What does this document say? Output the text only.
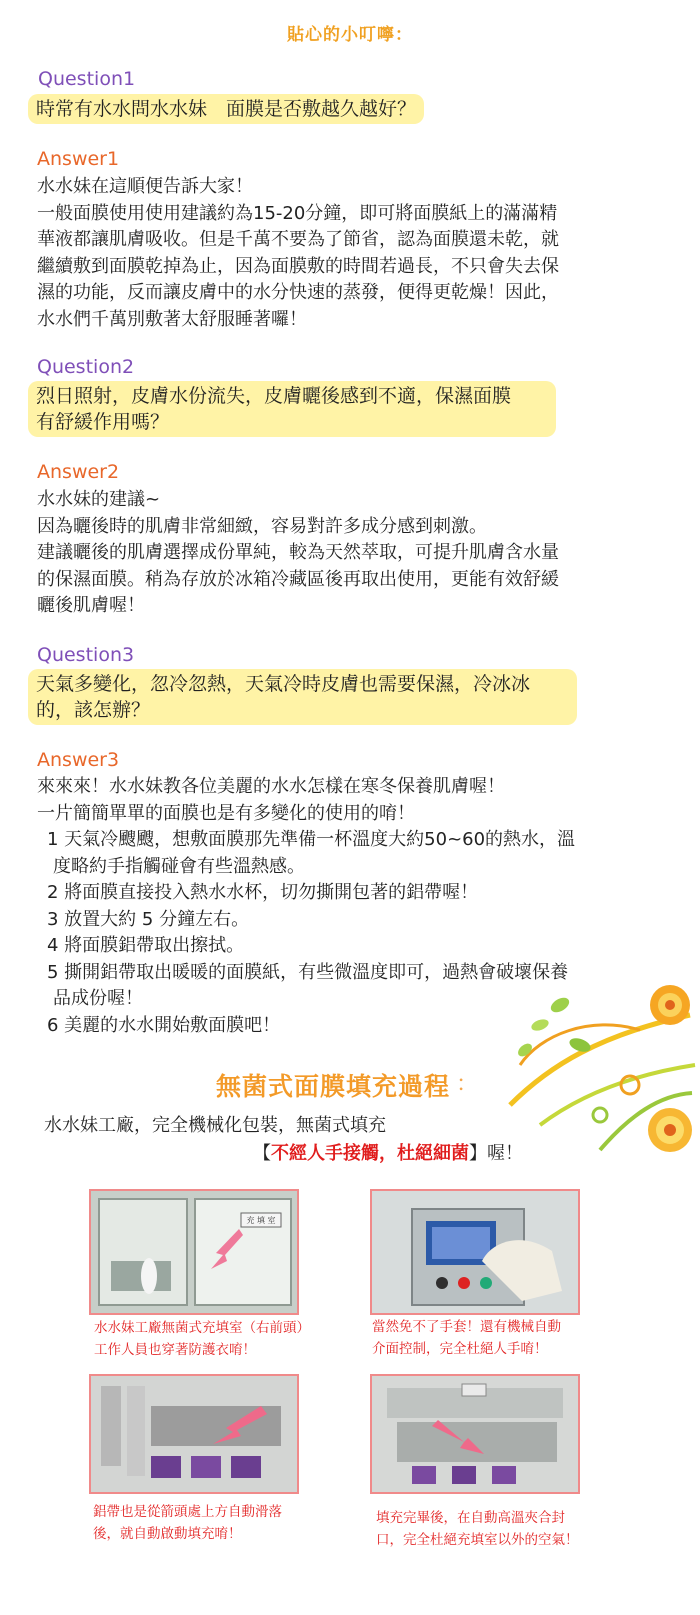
貼心的小叮嚀：
Question1
時常有水水問水水妹　面膜是否敷越久越好？
Answer1

水水妹在這順便告訴大家！

一般面膜使用使用建議約為15-20分鐘，即可將面膜紙上的滿滿精

華液都讓肌膚吸收。但是千萬不要為了節省，認為面膜還未乾，就

繼續敷到面膜乾掉為止，因為面膜敷的時間若過長，不只會失去保

濕的功能，反而讓皮膚中的水分快速的蒸發，便得更乾燥！因此，

水水們千萬別敷著太舒服睡著囉！

Question2
烈日照射，皮膚水份流失，皮膚曬後感到不適，保濕面膜
有舒緩作用嗎？
Answer2

水水妹的建議~

因為曬後時的肌膚非常細緻，容易對許多成分感到刺激。

建議曬後的肌膚選擇成份單純，較為天然萃取，可提升肌膚含水量

的保濕面膜。稍為存放於冰箱冷藏區後再取出使用，更能有效舒緩

曬後肌膚喔！

Question3
天氣多變化，忽冷忽熱，天氣冷時皮膚也需要保濕，冷冰冰
的，該怎辦？
Answer3
來來來！水水妹教各位美麗的水水怎樣在寒冬保養肌膚喔！
一片簡簡單單的面膜也是有多變化的使用的唷！
1 天氣冷颼颼，想敷面膜那先準備一杯溫度大約50~60的熱水，溫
度略約手指觸碰會有些溫熱感。
2 將面膜直接投入熱水水杯，切勿撕開包著的鋁帶喔！
3 放置大約 5 分鐘左右。
4 將面膜鋁帶取出擦拭。
5 撕開鋁帶取出暖暖的面膜紙，有些微溫度即可，過熱會破壞保養
品成份喔！
6 美麗的水水開始敷面膜吧！
無菌式面膜填充過程 ：
水水妹工廠，完全機械化包裝，無菌式填充
【不經人手接觸，杜絕細菌】喔！
充 填 室
水水妹工廠無菌式充填室（右前頭）
工作人員也穿著防護衣唷！
當然免不了手套！還有機械自動
介面控制，完全杜絕人手唷！
鋁帶也是從箭頭處上方自動滑落
後，就自動啟動填充唷！
填充完畢後，在自動高溫夾合封
口，完全杜絕充填室以外的空氣！
